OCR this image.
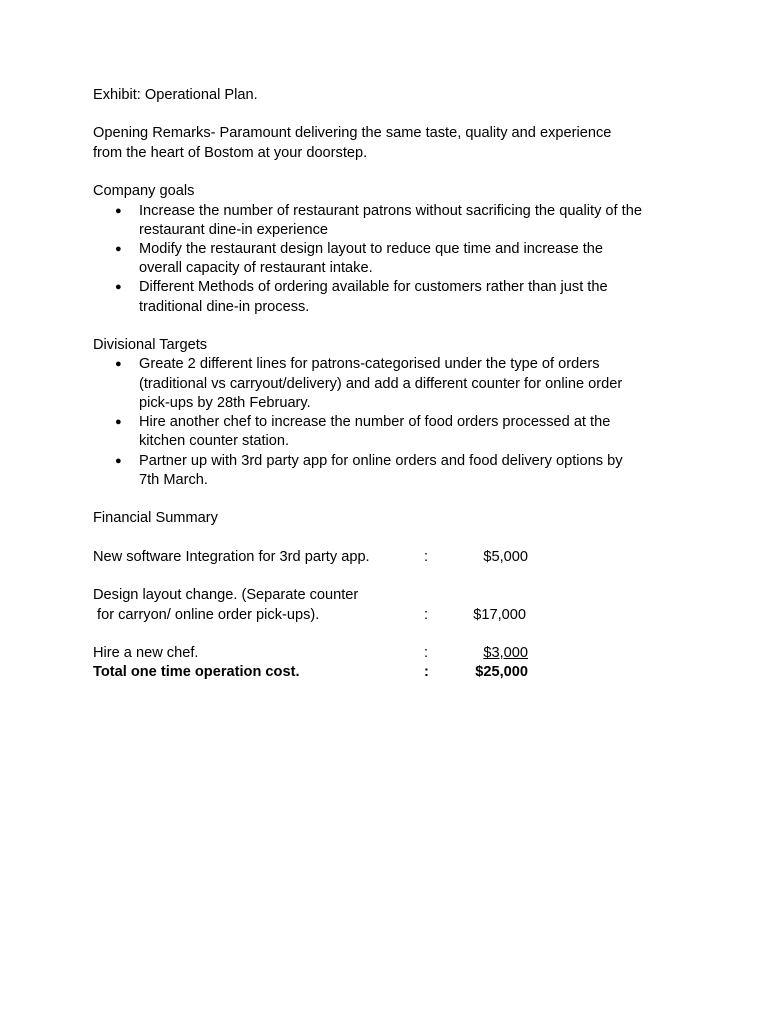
Exhibit: Operational Plan.
Opening Remarks- Paramount delivering the same taste, quality and experience
from the heart of Bostom at your doorstep.
Company goals
● Increase the number of restaurant patrons without sacrificing the quality of the
restaurant dine-in experience
● Modify the restaurant design layout to reduce que time and increase the
overall capacity of restaurant intake.
● Different Methods of ordering available for customers rather than just the
traditional dine-in process.
Divisional Targets
● Greate 2 different lines for patrons-categorised under the type of orders
(traditional vs carryout/delivery) and add a different counter for online order
pick-ups by 28th February.
● Hire another chef to increase the number of food orders processed at the
kitchen counter station.
● Partner up with 3rd party app for online orders and food delivery options by
7th March.
Financial Summary
New software Integration for 3rd party app.	:	$5,000
Design layout change. (Separate counter
for carryon/ online order pick-ups).	:	$17,000
Hire a new chef.	:	$3,000
Total one time operation cost.	:	$25,000
